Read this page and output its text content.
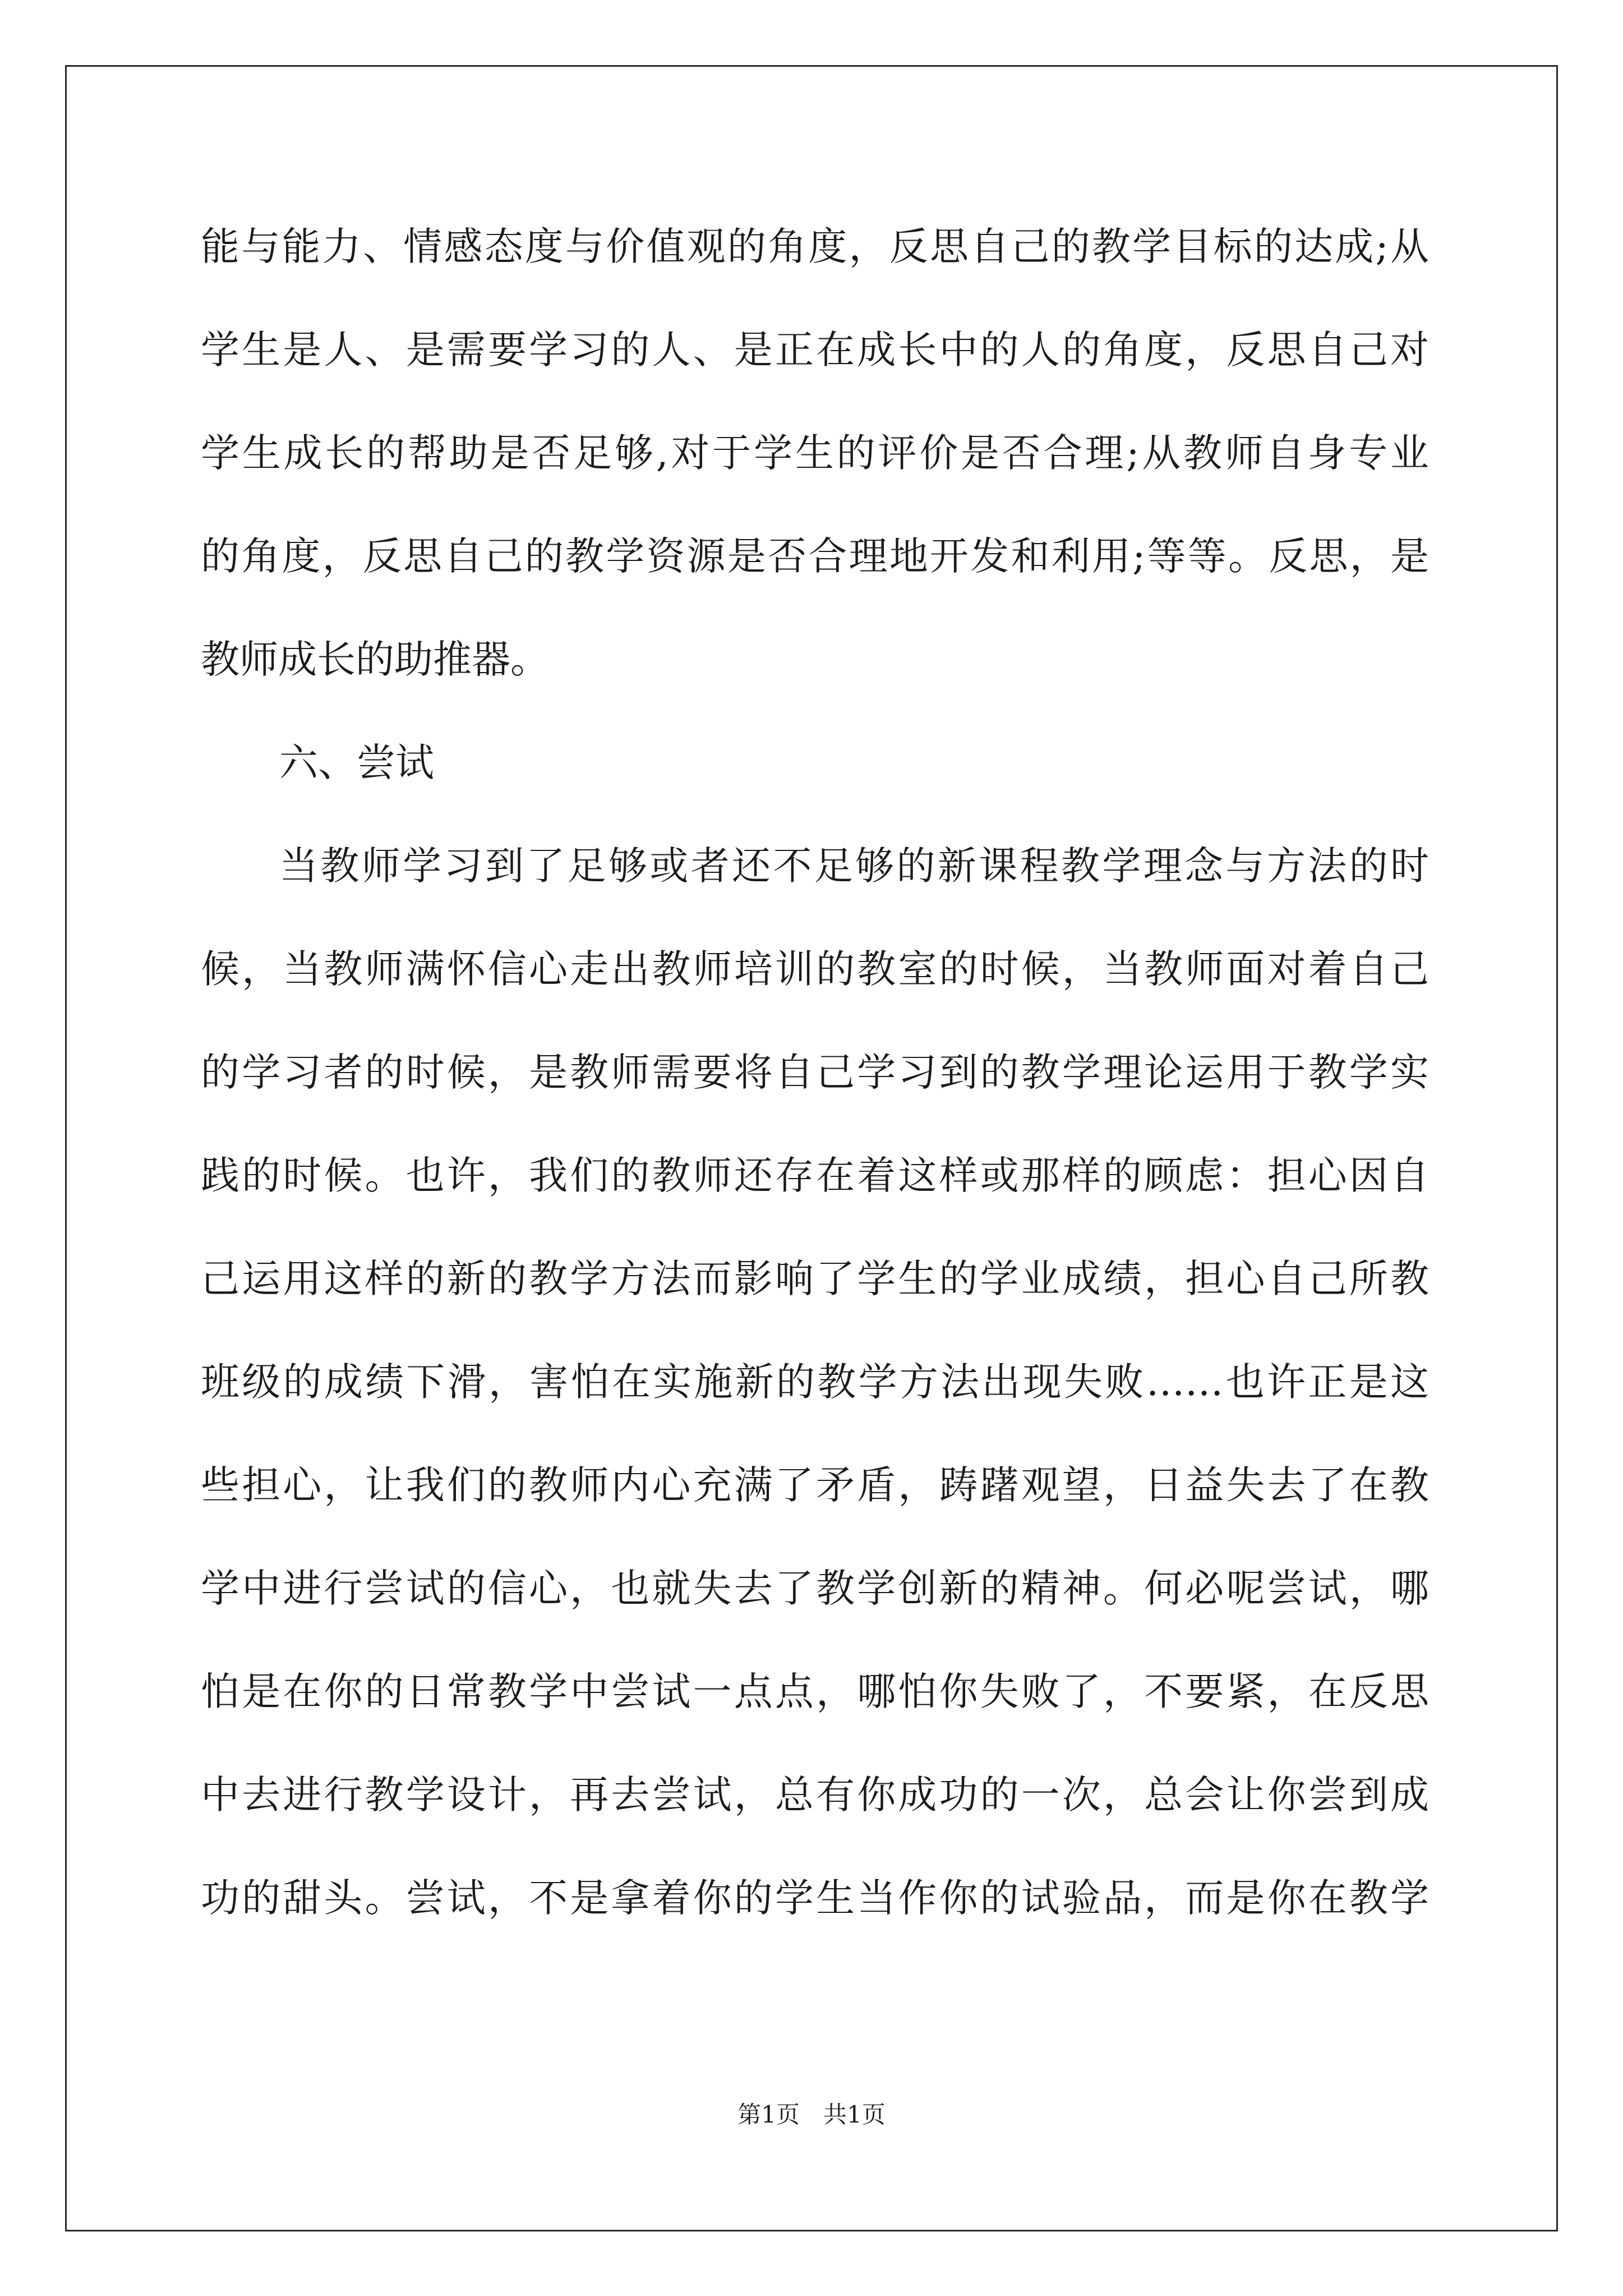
能与能力、情感态度与价值观的角度，反思自己的教学目标的达成;从
学生是人、是需要学习的人、是正在成长中的人的角度，反思自己对
学生成长的帮助是否足够,对于学生的评价是否合理;从教师自身专业
的角度，反思自己的教学资源是否合理地开发和利用;等等。反思，是
教师成长的助推器。
六、尝试
当教师学习到了足够或者还不足够的新课程教学理念与方法的时
候，当教师满怀信心走出教师培训的教室的时候，当教师面对着自己
的学习者的时候，是教师需要将自己学习到的教学理论运用于教学实
践的时候。也许，我们的教师还存在着这样或那样的顾虑：担心因自
己运用这样的新的教学方法而影响了学生的学业成绩，担心自己所教
班级的成绩下滑，害怕在实施新的教学方法出现失败……也许正是这
些担心，让我们的教师内心充满了矛盾，踌躇观望，日益失去了在教
学中进行尝试的信心，也就失去了教学创新的精神。何必呢尝试，哪
怕是在你的日常教学中尝试一点点，哪怕你失败了，不要紧，在反思
中去进行教学设计，再去尝试，总有你成功的一次，总会让你尝到成
功的甜头。尝试，不是拿着你的学生当作你的试验品，而是你在教学
第1页　共1页
